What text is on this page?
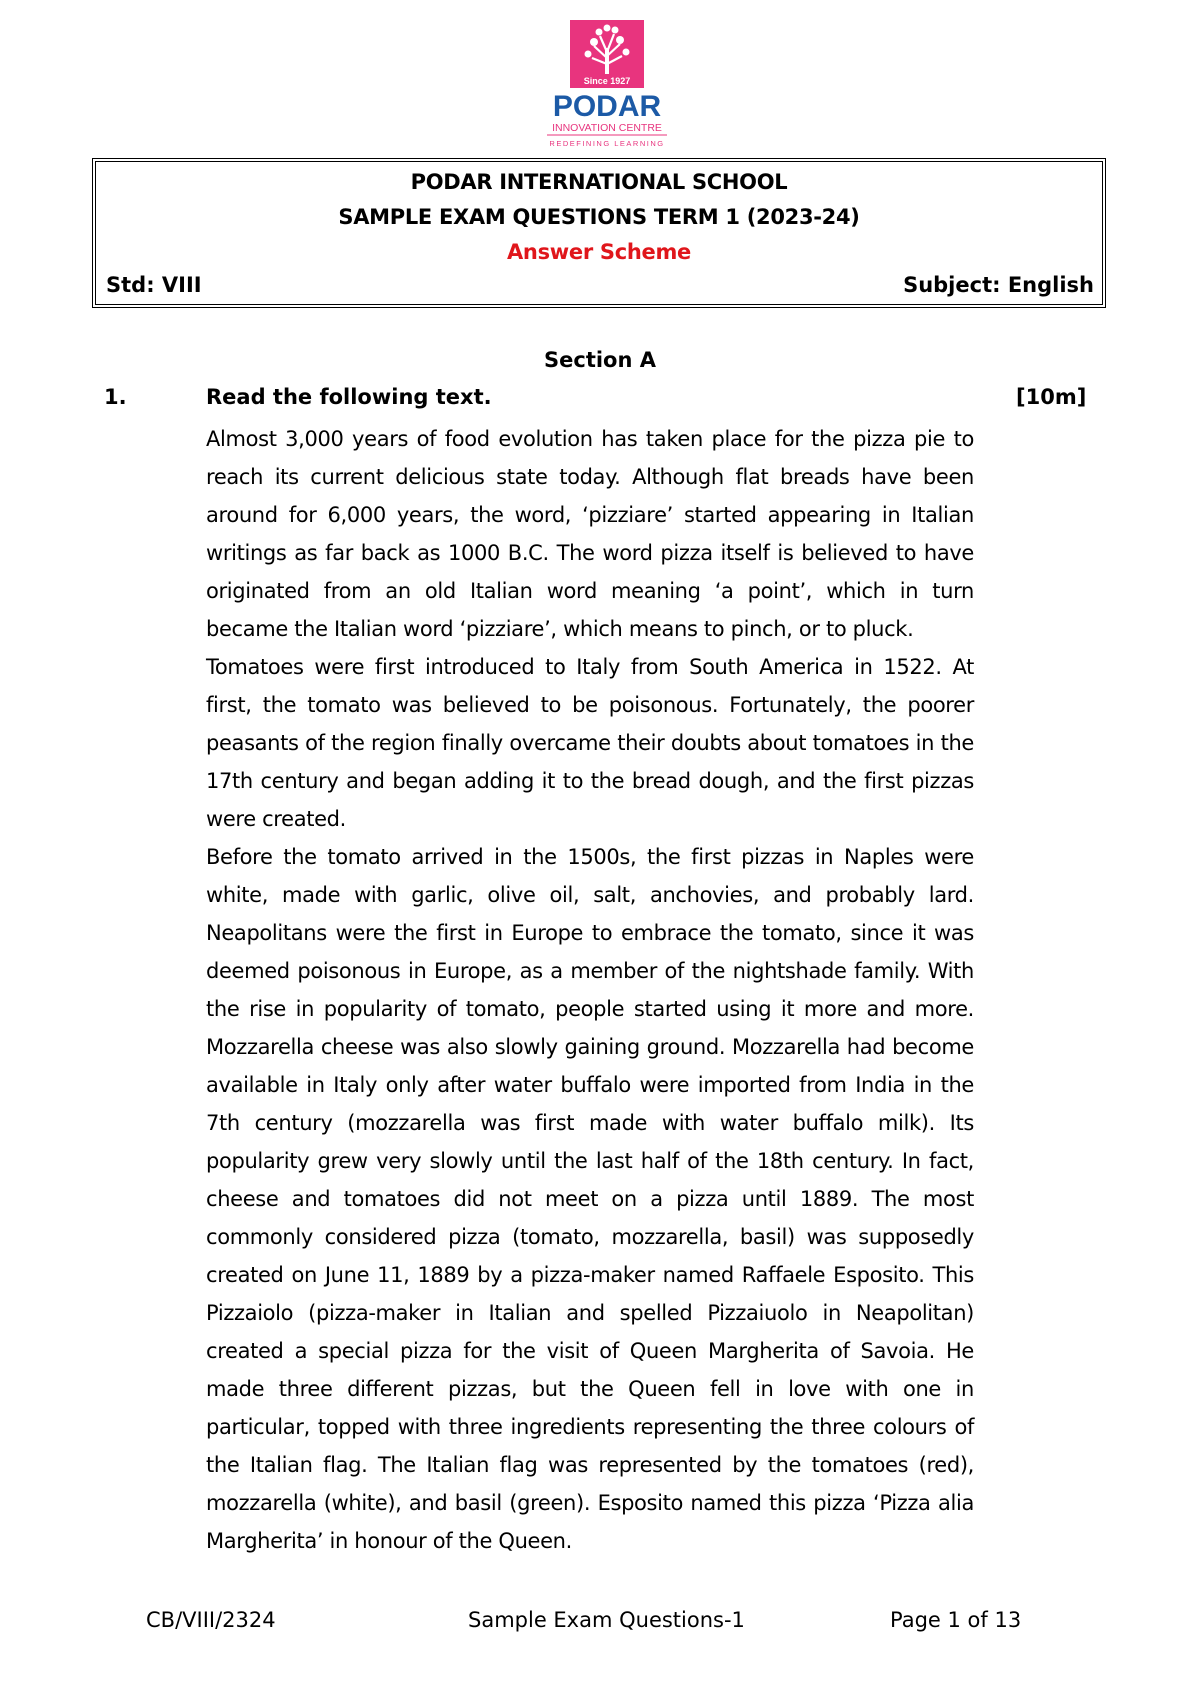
Since 1927
PODAR
INNOVATION CENTRE
REDEFINING LEARNING
PODAR INTERNATIONAL SCHOOL
SAMPLE EXAM QUESTIONS TERM 1 (2023-24)
Answer Scheme
Std: VIII	Subject: English
Section A
1.	Read the following text.	[10m]

Almost 3,000 years of food evolution has taken place for the pizza pie to reach its current delicious state today. Although flat breads have been around for 6,000 years, the word, ‘pizziare’ started appearing in Italian writings as far back as 1000 B.C. The word pizza itself is believed to have originated from an old Italian word meaning ‘a point’, which in turn became the Italian word ‘pizziare’, which means to pinch, or to pluck.

Tomatoes were first introduced to Italy from South America in 1522. At first, the tomato was believed to be poisonous. Fortunately, the poorer peasants of the region finally overcame their doubts about tomatoes in the 17th century and began adding it to the bread dough, and the first pizzas were created.

Before the tomato arrived in the 1500s, the first pizzas in Naples were white, made with garlic, olive oil, salt, anchovies, and probably lard. Neapolitans were the first in Europe to embrace the tomato, since it was deemed poisonous in Europe, as a member of the nightshade family. With the rise in popularity of tomato, people started using it more and more. Mozzarella cheese was also slowly gaining ground. Mozzarella had become available in Italy only after water buffalo were imported from India in the 7th century (mozzarella was first made with water buffalo milk). Its popularity grew very slowly until the last half of the 18th century. In fact, cheese and tomatoes did not meet on a pizza until 1889. The most commonly considered pizza (tomato, mozzarella, basil) was supposedly created on June 11, 1889 by a pizza-maker named Raffaele Esposito. This Pizzaiolo (pizza-maker in Italian and spelled Pizzaiuolo in Neapolitan) created a special pizza for the visit of Queen Margherita of Savoia. He made three different pizzas, but the Queen fell in love with one in particular, topped with three ingredients representing the three colours of the Italian flag. The Italian flag was represented by the tomatoes (red), mozzarella (white), and basil (green). Esposito named this pizza ‘Pizza alia Margherita’ in honour of the Queen.

CB/VIII/2324	Sample Exam Questions-1	Page 1 of 13
